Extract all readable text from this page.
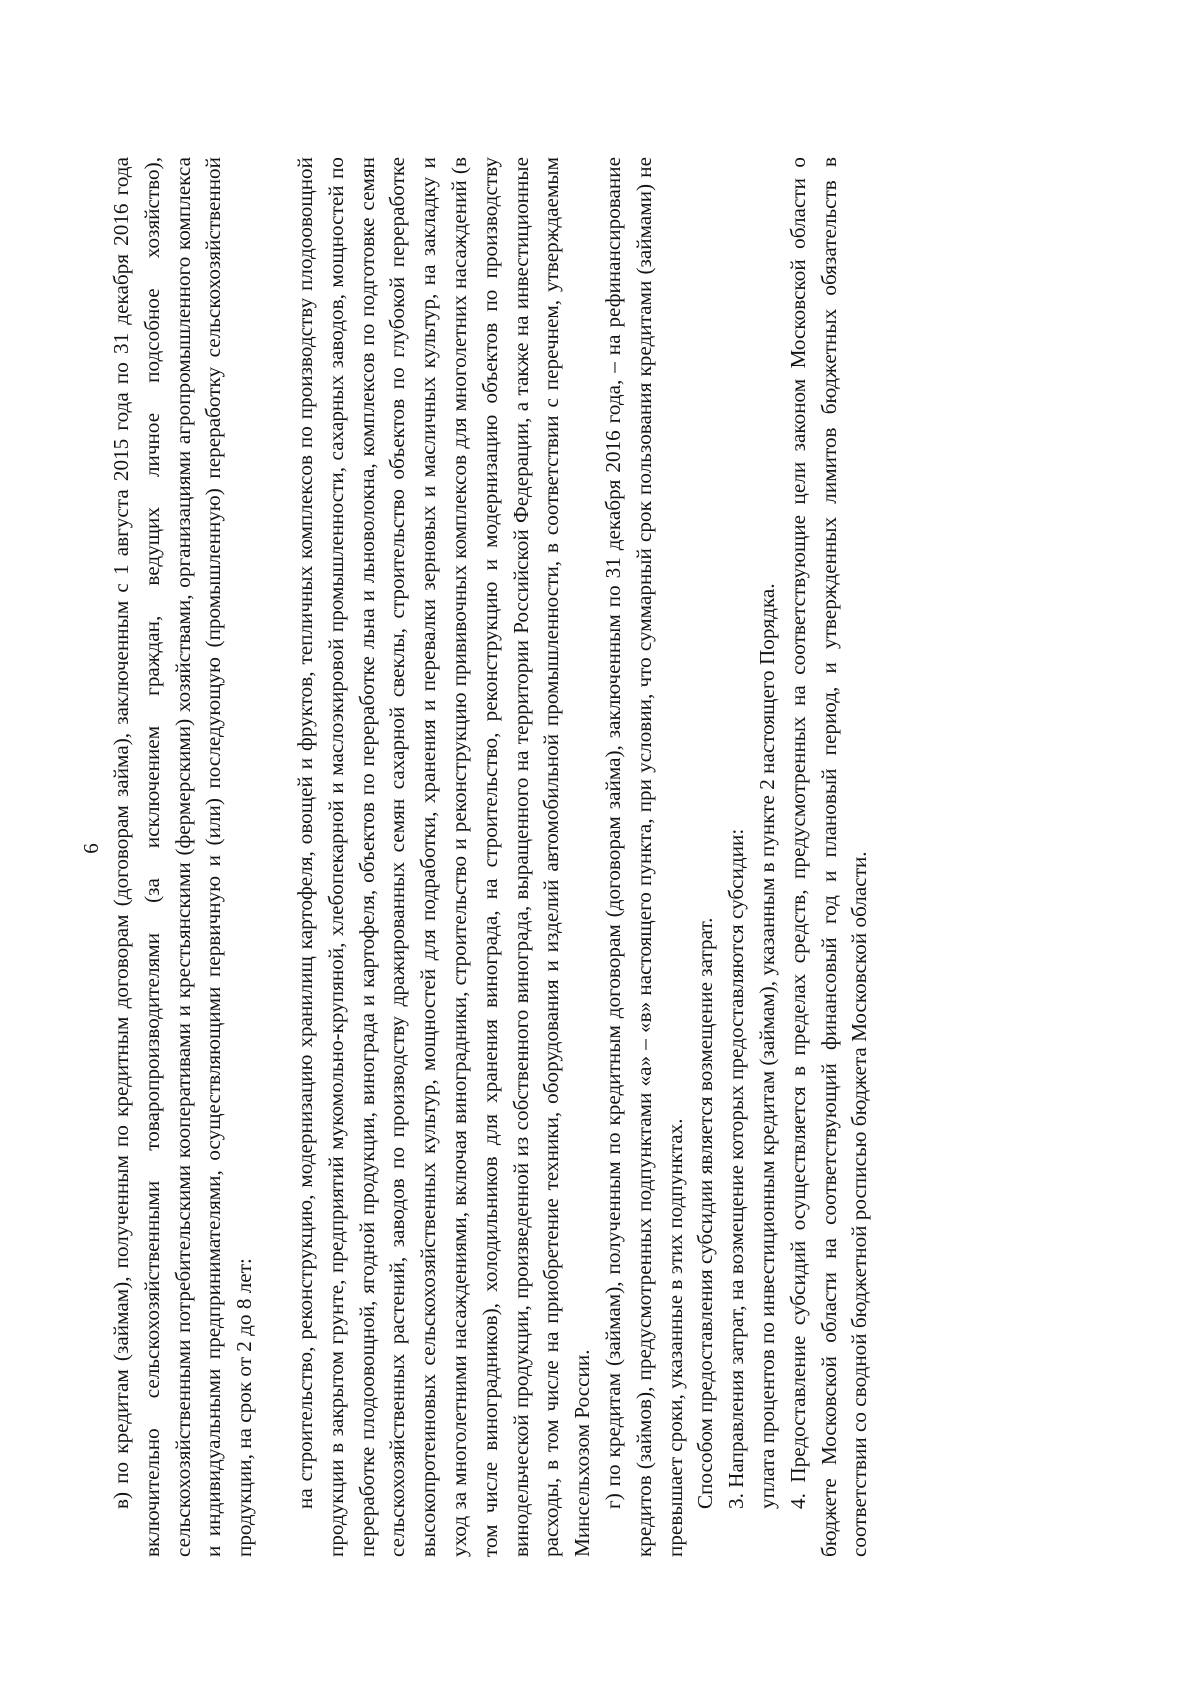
6 в) по кредитам (займам), полученным по кредитным договорам (договорам займа), заключенным с 1 августа 2015 года по 31 декабря 2016 года включительно сельскохозяйственными товаропроизводителями (за исключением граждан, ведущих личное подсобное хозяйство), сельскохозяйственными потребительскими кооперативами и крестьянскими (фермерскими) хозяйствами, организациями агропромышленного комплекса и индивидуальными предпринимателями, осуществляющими первичную и (или) последующую (промышленную) переработку сельскохозяйственной продукции, на срок от 2 до 8 лет: на строительство, реконструкцию, модернизацию хранилищ картофеля, овощей и фруктов, тепличных комплексов по производству плодоовощной продукции в закрытом грунте, предприятий мукомольно-крупяной, хлебопекарной и маслоэкировой промышленности, сахарных заводов, мощностей по переработке плодоовощной, ягодной продукции, винограда и картофеля, объектов по переработке льна и льноволокна, комплексов по подготовке семян сельскохозяйственных растений, заводов по производству дражированных семян сахарной свеклы, строительство объектов по глубокой переработке высокопротеиновых сельскохозяйственных культур, мощностей для подработки, хранения и перевалки зерновых и масличных культур, на закладку и уход за многолетними насаждениями, включая виноградники, строительство и реконструкцию прививочных комплексов для многолетних насаждений (в том числе виноградников), холодильников для хранения винограда, на строительство, реконструкцию и модернизацию объектов по производству винодельческой продукции, произведенной из собственного винограда, выращенного на территории Российской Федерации, а также на инвестиционные расходы, в том числе на приобретение техники, оборудования и изделий автомобильной промышленности, в соответствии с перечнем, утверждаемым Минсельхозом России. г) по кредитам (займам), полученным по кредитным договорам (договорам займа), заключенным по 31 декабря 2016 года, – на рефинансирование кредитов (займов), предусмотренных подпунктами «а» – «в» настоящего пункта, при условии, что суммарный срок пользования кредитами (займами) не превышает сроки, указанные в этих подпунктах. Способом предоставления субсидии является возмещение затрат. 3. Направления затрат, на возмещение которых предоставляются субсидии: уплата процентов по инвестиционным кредитам (займам), указанным в пункте 2 настоящего Порядка. 4. Предоставление субсидий осуществляется в пределах средств, предусмотренных на соответствующие цели законом Московской области о бюджете Московской области на соответствующий финансовый год и плановый период, и утвержденных лимитов бюджетных обязательств в соответствии со сводной бюджетной росписью бюджета Московской области.
